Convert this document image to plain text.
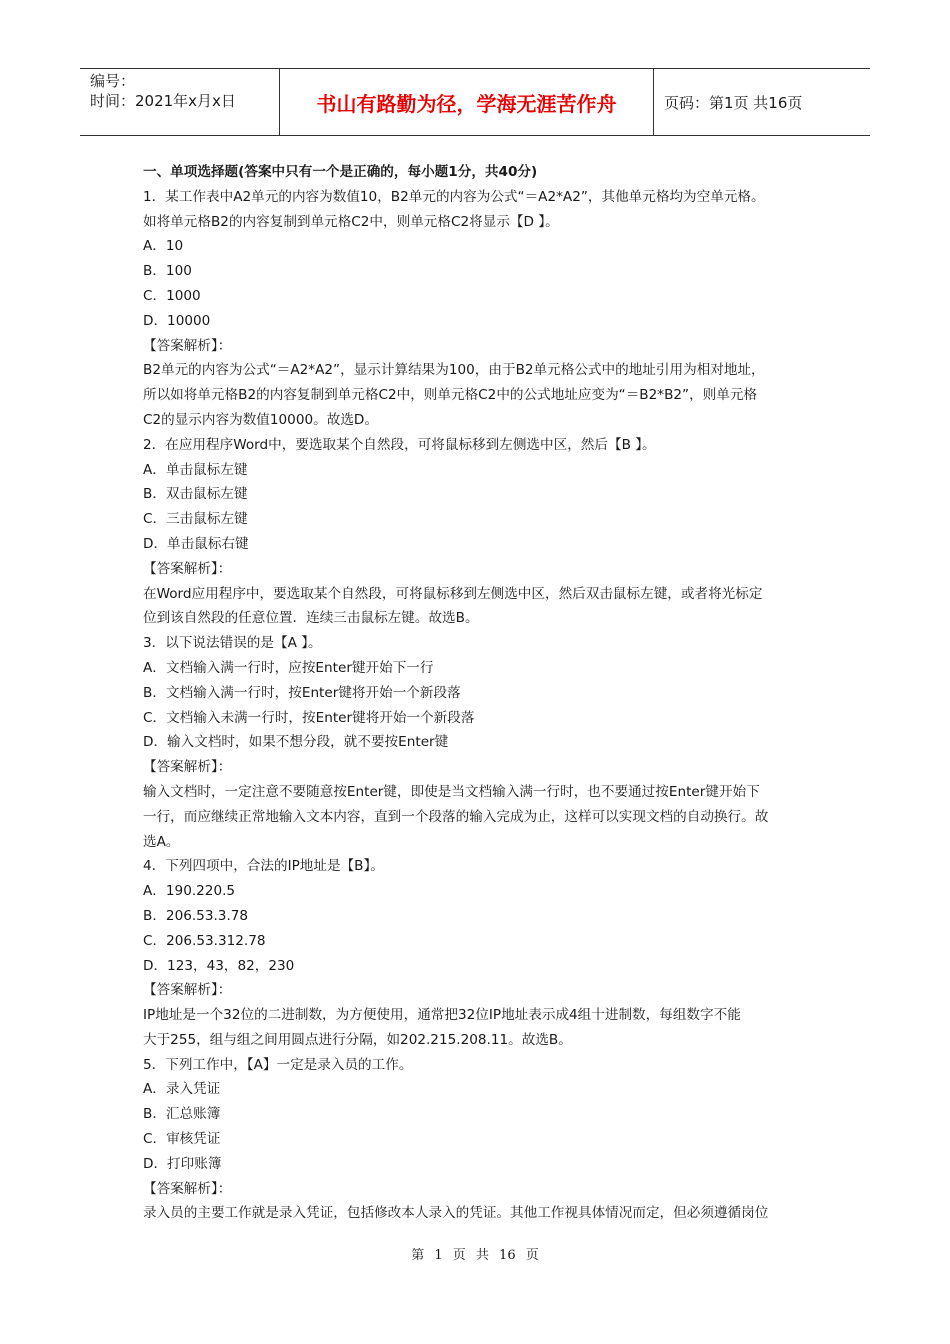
编号：
时间：2021年x月x日	书山有路勤为径，学海无涯苦作舟	页码：第1页 共16页

一、单项选择题(答案中只有一个是正确的，每小题1分，共40分)

1．某工作表中A2单元的内容为数值10，B2单元的内容为公式“＝A2*A2”，其他单元格均为空单元格。

如将单元格B2的内容复制到单元格C2中，则单元格C2将显示【D 】。

A．10

B．100

C．1000

D．10000

【答案解析】：

B2单元的内容为公式“＝A2*A2”，显示计算结果为100，由于B2单元格公式中的地址引用为相对地址，

所以如将单元格B2的内容复制到单元格C2中，则单元格C2中的公式地址应变为“＝B2*B2”，则单元格

C2的显示内容为数值10000。故选D。

2．在应用程序Word中，要选取某个自然段，可将鼠标移到左侧选中区，然后【B 】。

A．单击鼠标左键

B．双击鼠标左键

C．三击鼠标左键

D．单击鼠标右键

【答案解析】：

在Word应用程序中，要选取某个自然段，可将鼠标移到左侧选中区，然后双击鼠标左键，或者将光标定

位到该自然段的任意位置．连续三击鼠标左键。故选B。

3．以下说法错误的是【A 】。

A．文档输入满一行时，应按Enter键开始下一行

B．文档输入满一行时，按Enter键将开始一个新段落

C．文档输入未满一行时，按Enter键将开始一个新段落

D．输入文档时，如果不想分段，就不要按Enter键

【答案解析】：

输入文档时，一定注意不要随意按Enter键，即使是当文档输入满一行时，也不要通过按Enter键开始下

一行，而应继续正常地输入文本内容，直到一个段落的输入完成为止，这样可以实现文档的自动换行。故

选A。

4．下列四项中，合法的IP地址是【B】。

A．190.220.5

B．206.53.3.78

C．206.53.312.78

D．123，43，82，230

【答案解析】：

IP地址是一个32位的二进制数，为方便使用，通常把32位IP地址表示成4组十进制数，每组数字不能

大于255，组与组之间用圆点进行分隔，如202.215.208.11。故选B。

5．下列工作中，【A】一定是录入员的工作。

A．录入凭证

B．汇总账簿

C．审核凭证

D．打印账簿

【答案解析】：

录入员的主要工作就是录入凭证，包括修改本人录入的凭证。其他工作视具体情况而定，但必须遵循岗位

第 1 页 共 16 页
